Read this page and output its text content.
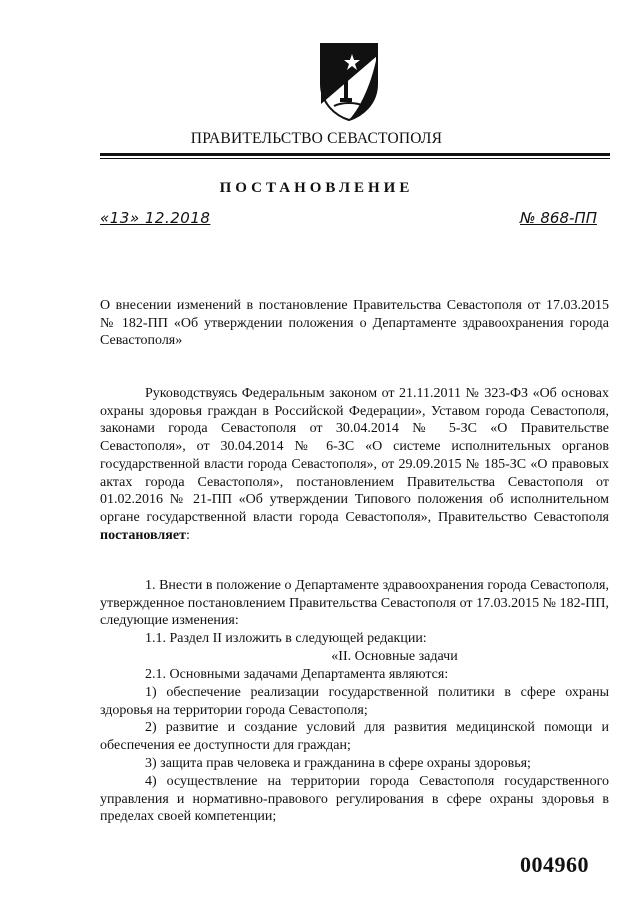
ПРАВИТЕЛЬСТВО СЕВАСТОПОЛЯ
ПОСТАНОВЛЕНИЕ
«13» 12.2018	№ 868-ПП

О внесении изменений в постановление Правительства Севастополя от 17.03.2015 № 182-ПП «Об утверждении положения о Департаменте здравоохранения города Севастополя»

Руководствуясь Федеральным законом от 21.11.2011 № 323-ФЗ «Об основах охраны здоровья граждан в Российской Федерации», Уставом города Севастополя, законами города Севастополя от 30.04.2014 № 5-ЗС «О Правительстве Севастополя», от 30.04.2014 № 6-ЗС «О системе исполнительных органов государственной власти города Севастополя», от 29.09.2015 № 185-ЗС «О правовых актах города Севастополя», постановлением Правительства Севастополя от 01.02.2016 № 21-ПП «Об утверждении Типового положения об исполнительном органе государственной власти города Севастополя», Правительство Севастополя постановляет:

1. Внести в положение о Департаменте здравоохранения города Севастополя, утвержденное постановлением Правительства Севастополя от 17.03.2015 № 182-ПП, следующие изменения:

1.1. Раздел II изложить в следующей редакции:

«II. Основные задачи

2.1. Основными задачами Департамента являются:

1) обеспечение реализации государственной политики в сфере охраны здоровья на территории города Севастополя;

2) развитие и создание условий для развития медицинской помощи и обеспечения ее доступности для граждан;

3) защита прав человека и гражданина в сфере охраны здоровья;

4) осуществление на территории города Севастополя государственного управления и нормативно-правового регулирования в сфере охраны здоровья в пределах своей компетенции;

004960
